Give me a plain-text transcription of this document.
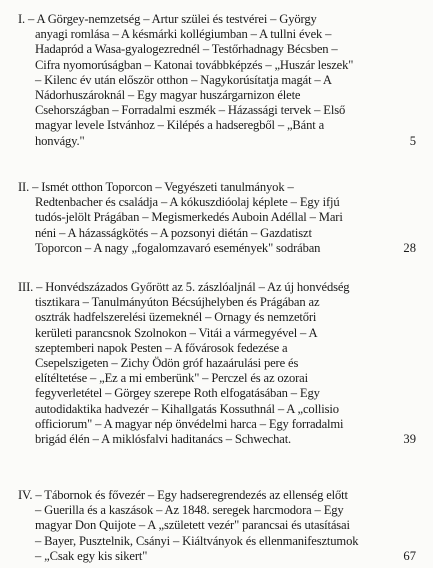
I. – A Görgey-nemzetség – Artur szülei és testvérei – György
anyagi romlása – A késmárki kollégiumban – A tullni évek –
Hadapród a Wasa-gyalogezrednél – Testőrhadnagy Bécsben –
Cifra nyomorúságban – Katonai továbbképzés – „Huszár leszek"
– Kilenc év után először otthon – Nagykorúsítatja magát – A
Nádorhuszároknál – Egy magyar huszárgarnizon élete
Csehországban – Forradalmi eszmék – Házassági tervek – Első
magyar levele Istvánhoz – Kilépés a hadseregből – „Bánt a
honvágy."	5
II. – Ismét otthon Toporcon – Vegyészeti tanulmányok –
Redtenbacher és családja – A kókuszdióolaj képlete – Egy ifjú
tudós-jelölt Prágában – Megismerkedés Auboin Adéllal – Mari
néni – A házasságkötés – A pozsonyi diétán – Gazdatiszt
Toporcon – A nagy „fogalomzavaró események" sodrában	28
III. – Honvédszázados Győrött az 5. zászlóaljnál – Az új honvédség
tisztikara – Tanulmányúton Bécsújhelyben és Prágában az
osztrák hadfelszerelési üzemeknél – Ornagy és nemzetőri
kerületi parancsnok Szolnokon – Vitái a vármegyével – A
szeptemberi napok Pesten – A fővárosok fedezése a
Csepelszigeten – Zichy Ödön gróf hazaárulási pere és
elítéltetése – „Ez a mi emberünk" – Perczel és az ozorai
fegyverletétel – Görgey szerepe Roth elfogatásában – Egy
autodidaktika hadvezér – Kihallgatás Kossuthnál – A „collisio
officiorum" – A magyar nép önvédelmi harca – Egy forradalmi
brigád élén – A miklósfalvi haditanács – Schwechat.	39
IV. – Tábornok és fővezér – Egy hadseregrendezés az ellenség előtt
– Guerilla és a kaszások – Az 1848. seregek harcmodora – Egy
magyar Don Quijote – A „született vezér" parancsai és utasításai
– Bayer, Pusztelnik, Csányi – Kiáltványok és ellenmanifesztumok
– „Csak egy kis sikert"	67
